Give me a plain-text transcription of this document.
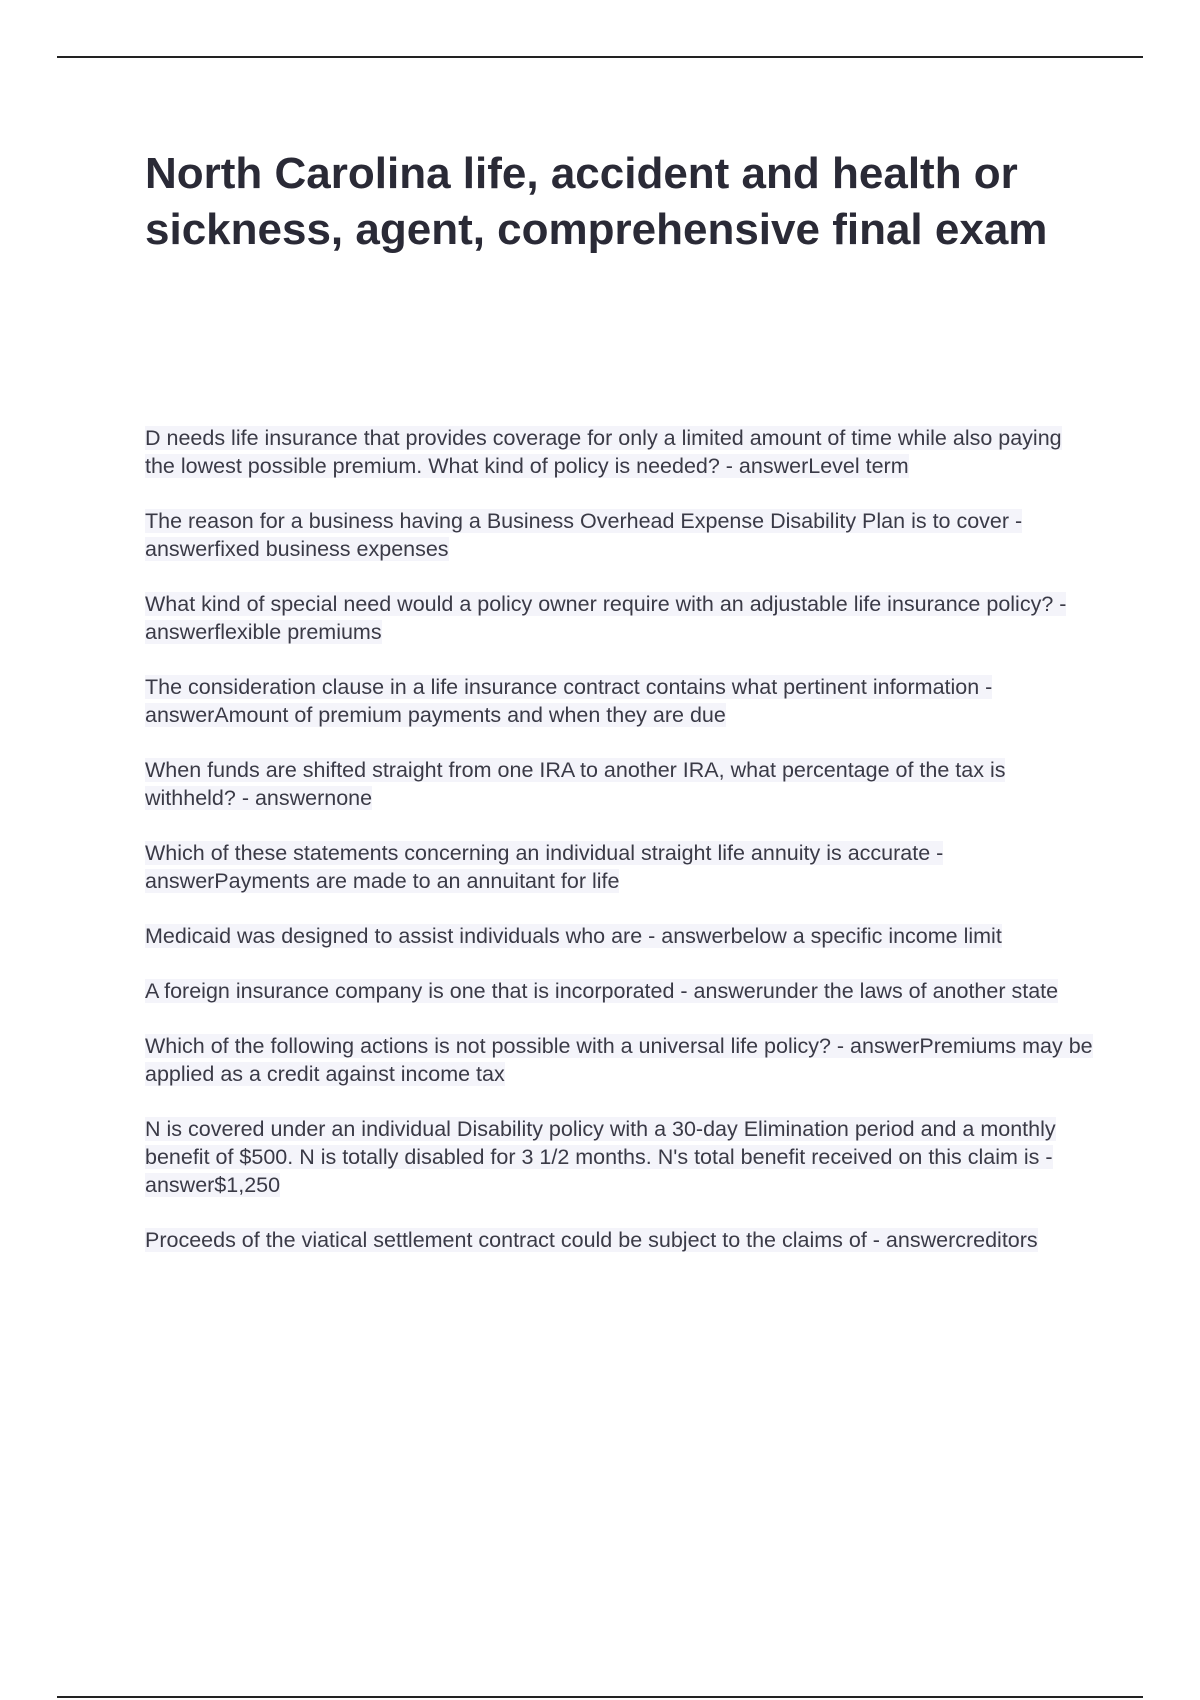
North Carolina life, accident and health or sickness, agent, comprehensive final exam
D needs life insurance that provides coverage for only a limited amount of time while also paying the lowest possible premium. What kind of policy is needed? - answerLevel term
The reason for a business having a Business Overhead Expense Disability Plan is to cover - answerfixed business expenses
What kind of special need would a policy owner require with an adjustable life insurance policy? - answerflexible premiums
The consideration clause in a life insurance contract contains what pertinent information - answerAmount of premium payments and when they are due
When funds are shifted straight from one IRA to another IRA, what percentage of the tax is withheld? - answernone
Which of these statements concerning an individual straight life annuity is accurate - answerPayments are made to an annuitant for life
Medicaid was designed to assist individuals who are - answerbelow a specific income limit
A foreign insurance company is one that is incorporated - answerunder the laws of another state
Which of the following actions is not possible with a universal life policy? - answerPremiums may be applied as a credit against income tax
N is covered under an individual Disability policy with a 30-day Elimination period and a monthly benefit of $500. N is totally disabled for 3 1/2 months. N's total benefit received on this claim is - answer$1,250
Proceeds of the viatical settlement contract could be subject to the claims of - answercreditors
